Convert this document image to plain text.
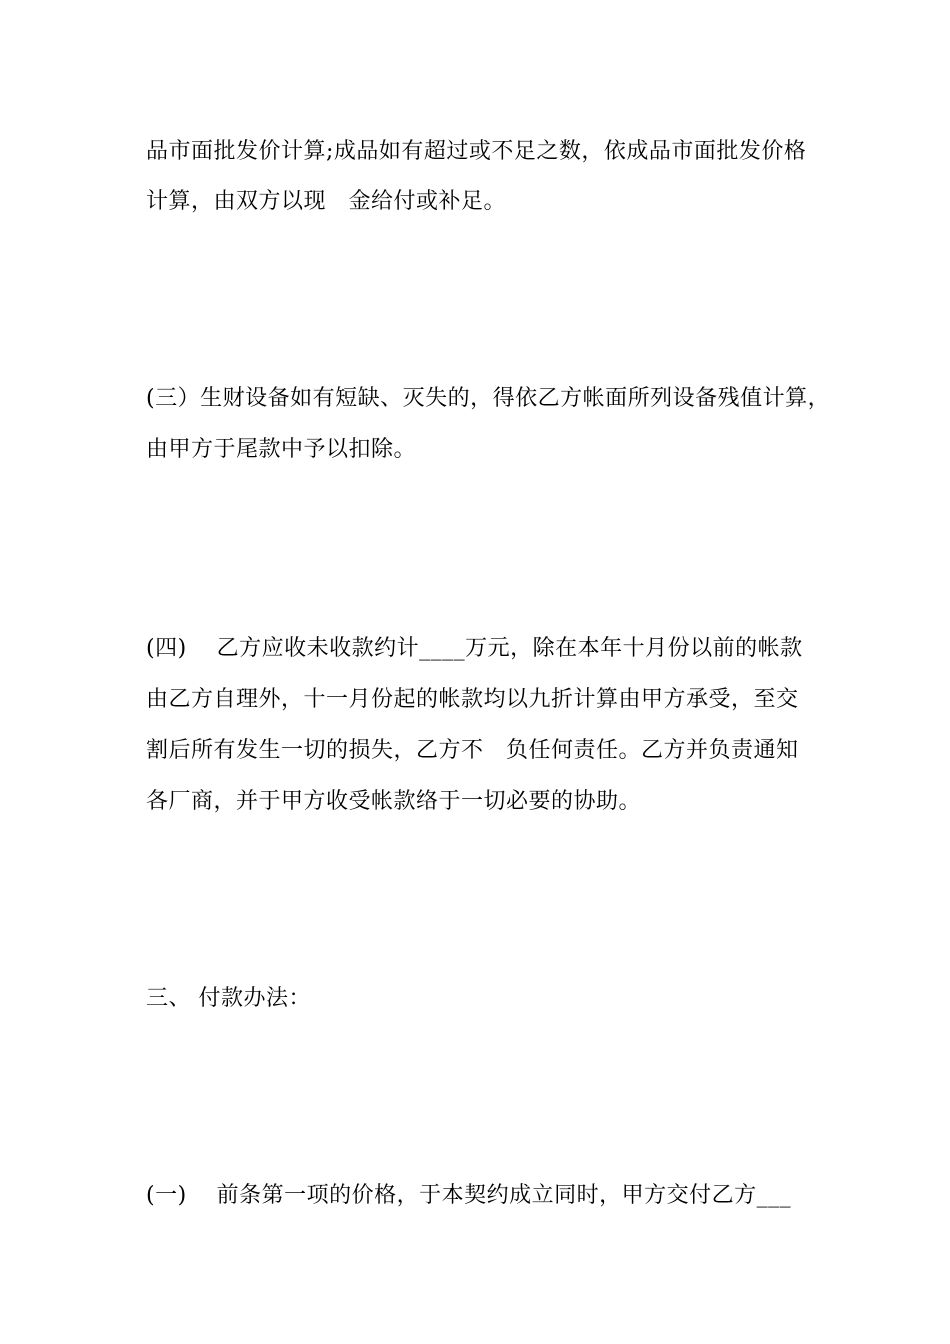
品市面批发价计算;成品如有超过或不足之数，依成品市面批发价格
计算，由双方以现　金给付或补足。
(三）生财设备如有短缺、灭失的，得依乙方帐面所列设备残值计算，
由甲方于尾款中予以扣除。
(四)　 乙方应收未收款约计____万元，除在本年十月份以前的帐款
由乙方自理外，十一月份起的帐款均以九折计算由甲方承受，至交
割后所有发生一切的损失，乙方不　负任何责任。乙方并负责通知
各厂商，并于甲方收受帐款络于一切必要的协助。
三、 付款办法：
(一)　 前条第一项的价格，于本契约成立同时，甲方交付乙方___
